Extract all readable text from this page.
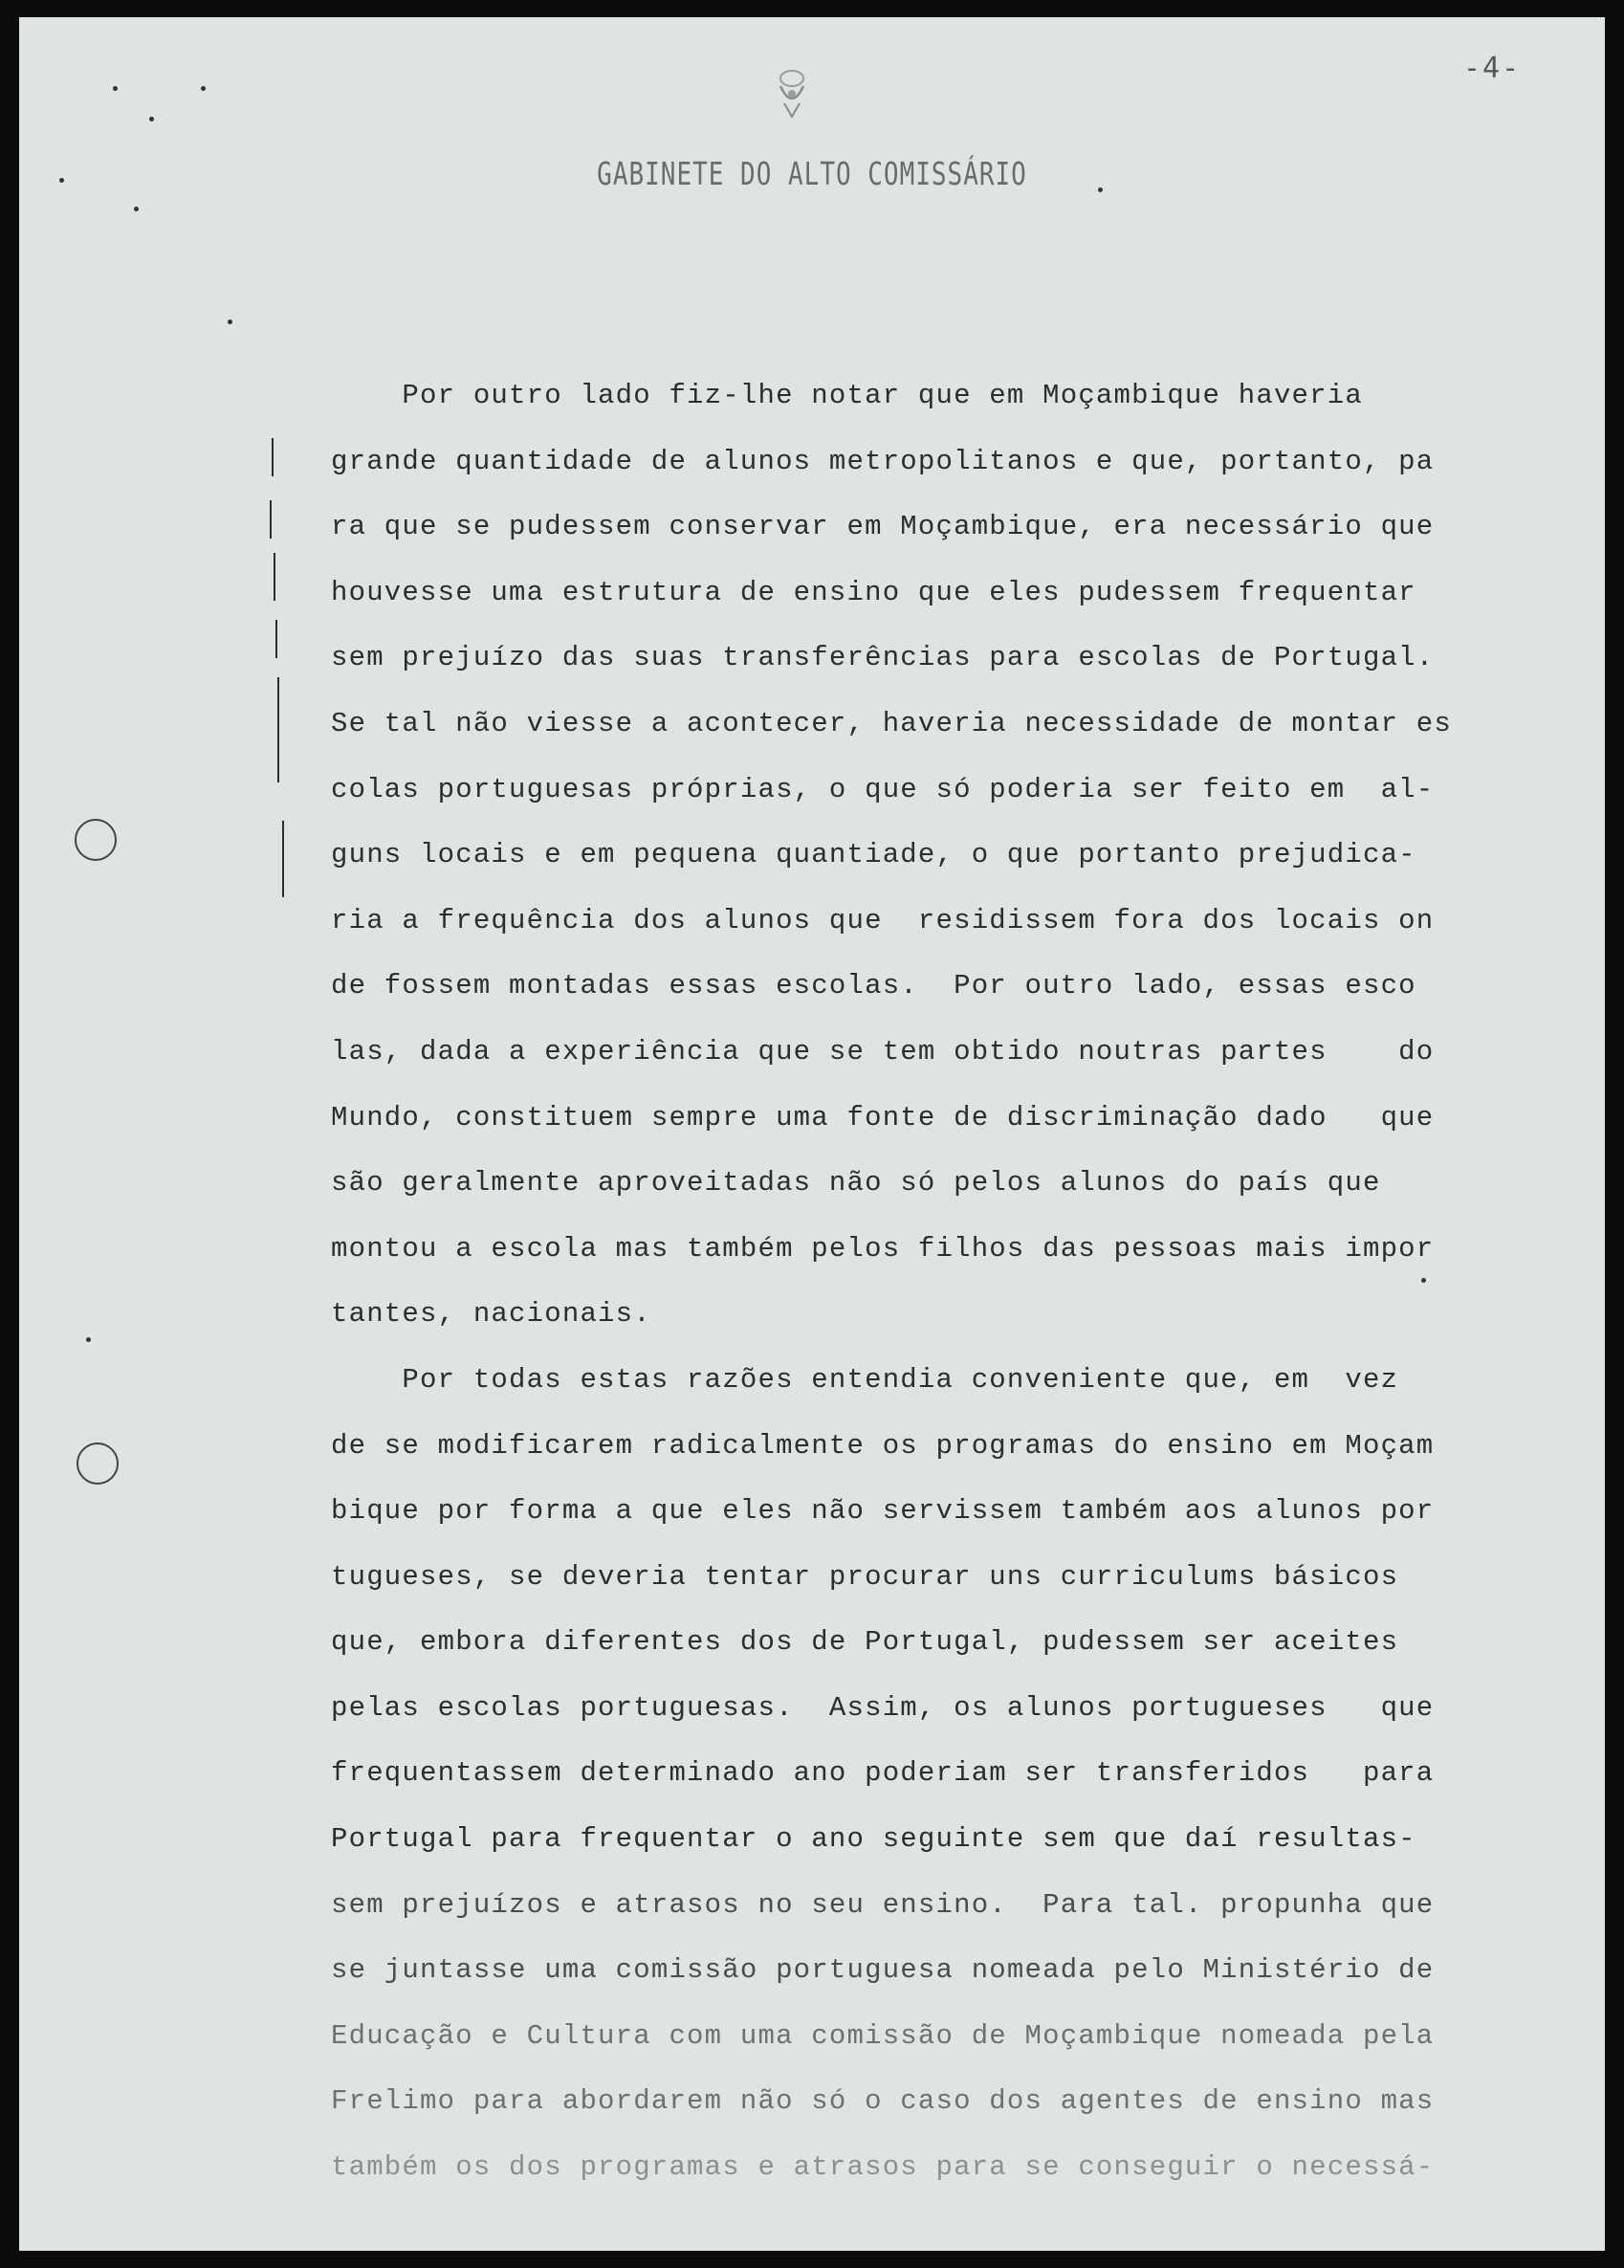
-4-
GABINETE DO ALTO COMISSÁRIO
Por outro lado fiz-lhe notar que em Moçambique haveria
grande quantidade de alunos metropolitanos e que, portanto, pa
ra que se pudessem conservar em Moçambique, era necessário que
houvesse uma estrutura de ensino que eles pudessem frequentar
sem prejuízo das suas transferências para escolas de Portugal.
Se tal não viesse a acontecer, haveria necessidade de montar es
colas portuguesas próprias, o que só poderia ser feito em  al-
guns locais e em pequena quantiade, o que portanto prejudica-
ria a frequência dos alunos que  residissem fora dos locais on
de fossem montadas essas escolas.  Por outro lado, essas esco
las, dada a experiência que se tem obtido noutras partes    do
Mundo, constituem sempre uma fonte de discriminação dado   que
são geralmente aproveitadas não só pelos alunos do país que
montou a escola mas também pelos filhos das pessoas mais impor
tantes, nacionais.
Por todas estas razões entendia conveniente que, em  vez
de se modificarem radicalmente os programas do ensino em Moçam
bique por forma a que eles não servissem também aos alunos por
tugueses, se deveria tentar procurar uns curriculums básicos
que, embora diferentes dos de Portugal, pudessem ser aceites
pelas escolas portuguesas.  Assim, os alunos portugueses   que
frequentassem determinado ano poderiam ser transferidos   para
Portugal para frequentar o ano seguinte sem que daí resultas-
sem prejuízos e atrasos no seu ensino.  Para tal. propunha que
se juntasse uma comissão portuguesa nomeada pelo Ministério de
Educação e Cultura com uma comissão de Moçambique nomeada pela
Frelimo para abordarem não só o caso dos agentes de ensino mas
também os dos programas e atrasos para se conseguir o necessá-
